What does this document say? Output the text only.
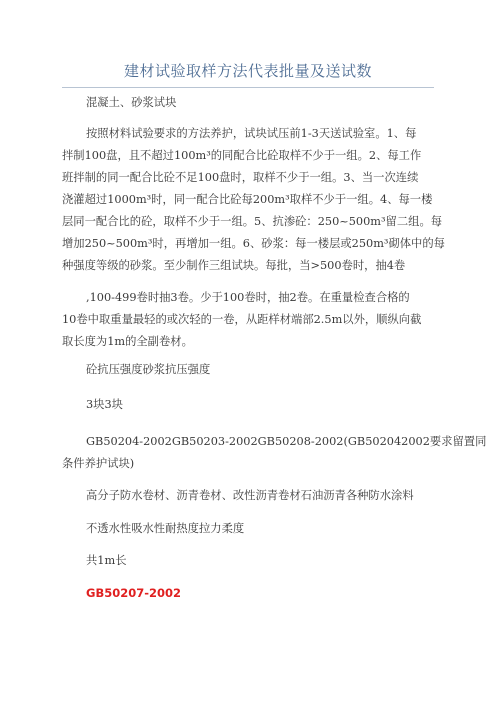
建材试验取样方法代表批量及送试数
混凝土、砂浆试块
按照材料试验要求的方法养护，试块试压前1-3天送试验室。1、每
拌制100盘，且不超过100m³的同配合比砼取样不少于一组。2、每工作
班拌制的同一配合比砼不足100盘时，取样不少于一组。3、当一次连续
浇灌超过1000m³时，同一配合比砼每200m³取样不少于一组。4、每一楼
层同一配合比的砼，取样不少于一组。5、抗渗砼：250~500m³留二组。每
增加250~500m³时，再增加一组。6、砂浆：每一楼层或250m³砌体中的每
种强度等级的砂浆。至少制作三组试块。每批，当>500卷时，抽4卷
,100-499卷时抽3卷。少于100卷时，抽2卷。在重量检查合格的
10卷中取重量最轻的或次轻的一卷，从距样材端部2.5m以外，顺纵向截
取长度为1m的全副卷材。
砼抗压强度砂浆抗压强度
3块3块
GB50204-2002GB50203-2002GB50208-2002(GB502042002要求留置同
条件养护试块)
高分子防水卷材、沥青卷材、改性沥青卷材石油沥青各种防水涂料
不透水性吸水性耐热度拉力柔度
共1m长
GB50207-2002
